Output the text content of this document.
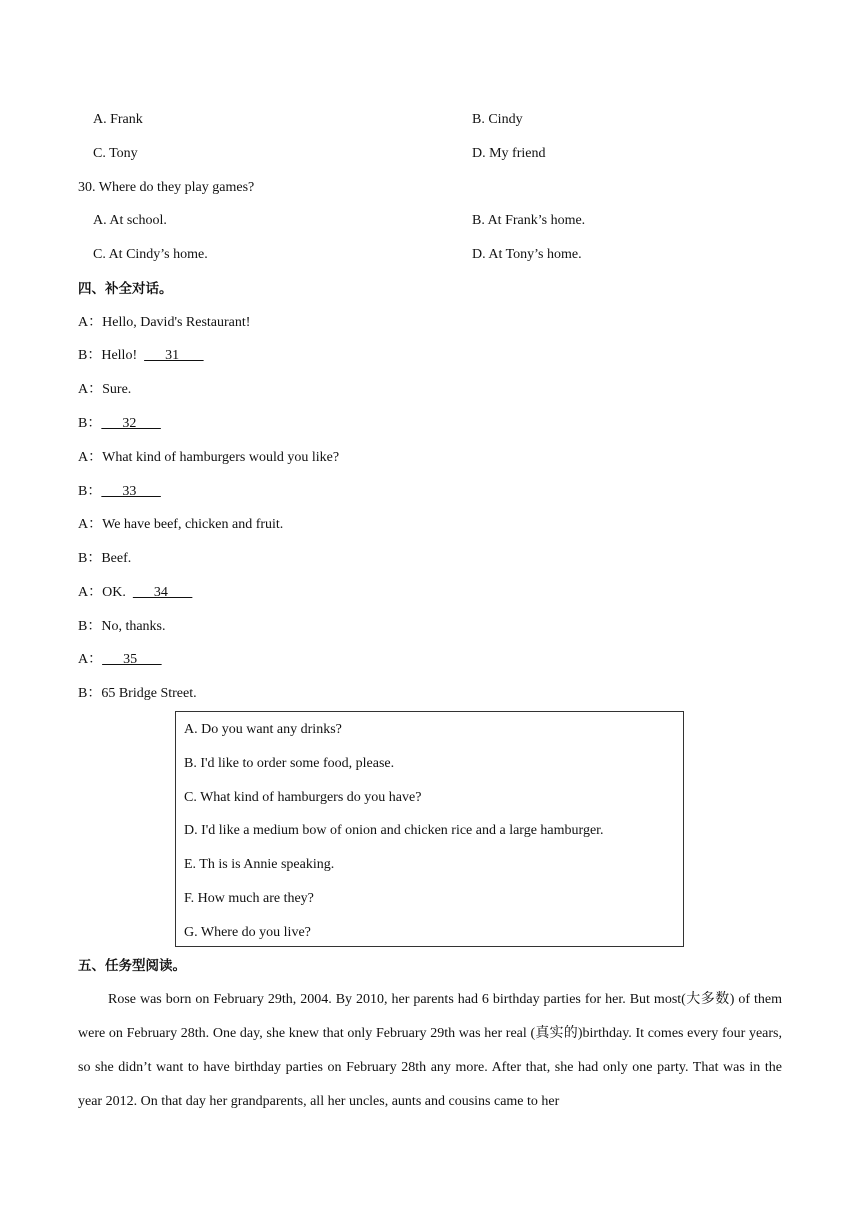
A. Frank	B. Cindy
C. Tony	D. My friend
30. Where do they play games?
A. At school.	B. At Frank’s home.
C. At Cindy’s home.	D. At Tony’s home.
四、补全对话。
A：Hello, David's Restaurant!
B：Hello!        31
A：Sure.
B：      32
A：What kind of hamburgers would you like?
B：      33
A：We have beef, chicken and fruit.
B：Beef.
A：OK.        34
B：No, thanks.
A：      35
B：65 Bridge Street.
A. Do you want any drinks?
B. I'd like to order some food, please.
C. What kind of hamburgers do you have?
D. I'd like a medium bow of onion and chicken rice and a large hamburger.
E. Th is is Annie speaking.
F. How much are they?
G. Where do you live?
五、任务型阅读。

Rose was born on February 29th, 2004. By 2010, her parents had 6 birthday parties for her. But most(大多数) of them were on February 28th. One day, she knew that only February 29th was her real (真实的)birthday. It comes every four years, so she didn’t want to have birthday parties on February 28th any more. After that, she had only one party. That was in the year 2012. On that day her grandparents, all her uncles, aunts and cousins came to her
